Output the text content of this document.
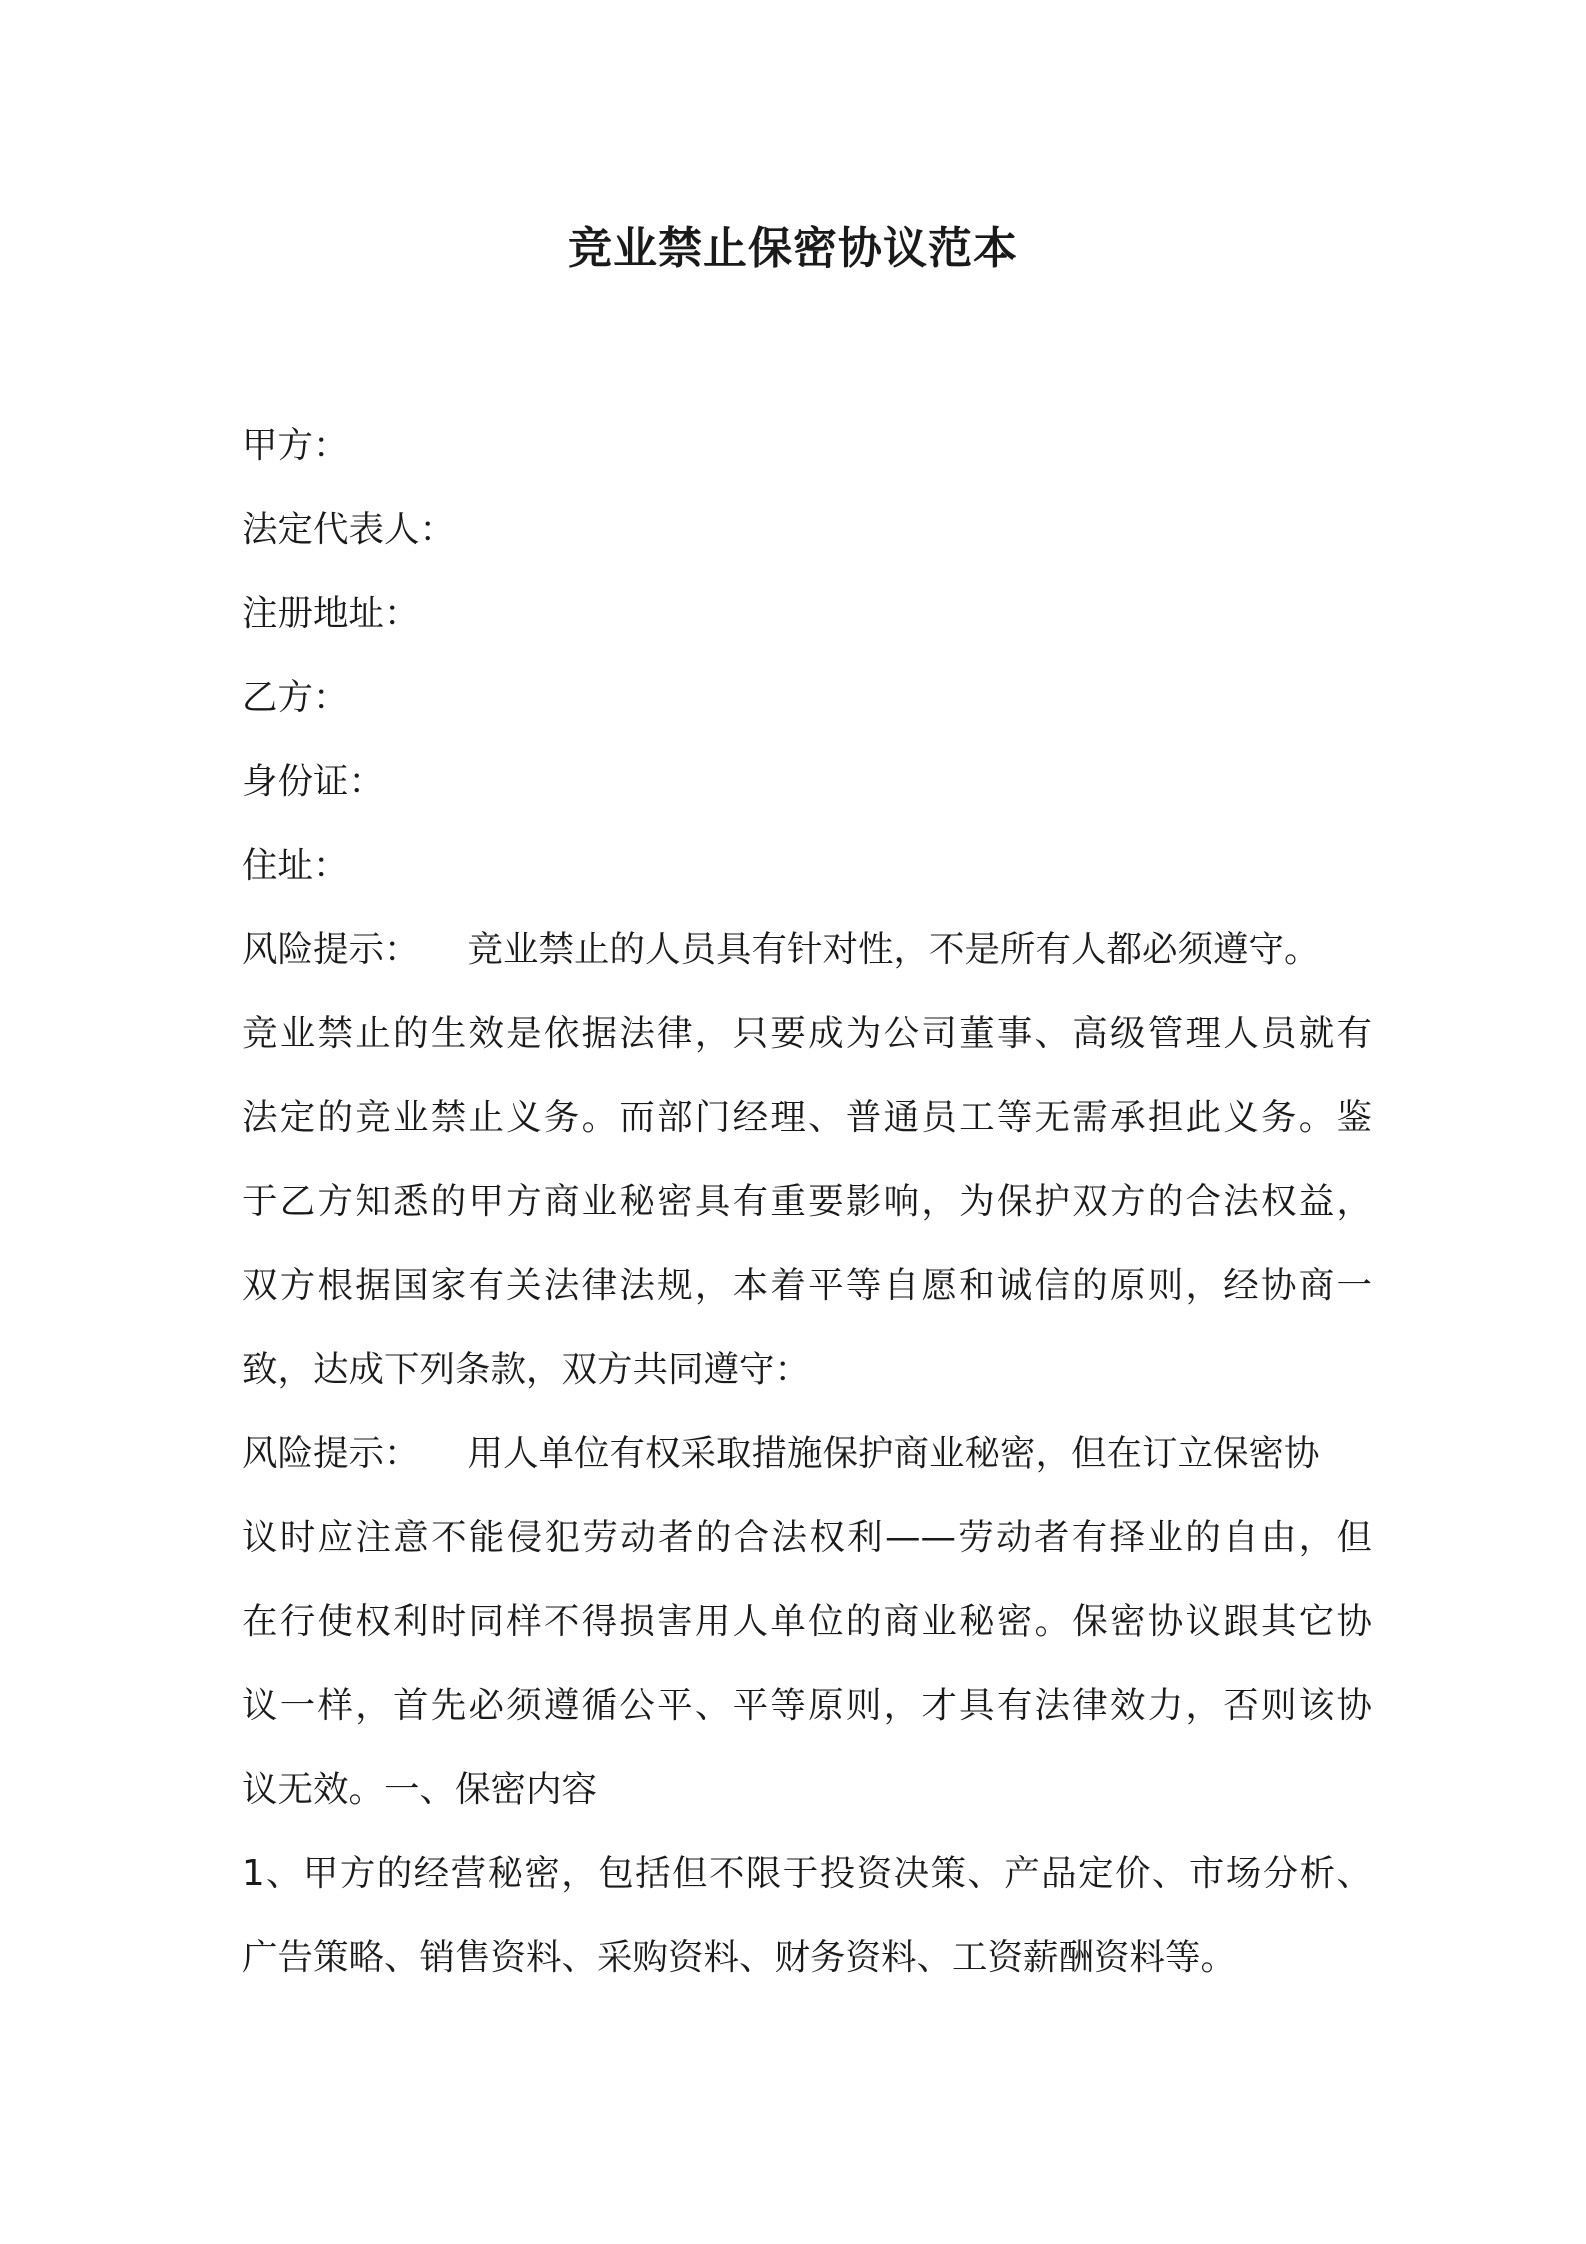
竞业禁止保密协议范本
甲方：
法定代表人：
注册地址：
乙方：
身份证：
住址：
风险提示： 竞业禁止的人员具有针对性，不是所有人都必须遵守。
竞业禁止的生效是依据法律，只要成为公司董事、高级管理人员就有
法定的竞业禁止义务。而部门经理、普通员工等无需承担此义务。鉴
于乙方知悉的甲方商业秘密具有重要影响，为保护双方的合法权益，
双方根据国家有关法律法规，本着平等自愿和诚信的原则，经协商一
致，达成下列条款，双方共同遵守：
风险提示： 用人单位有权采取措施保护商业秘密，但在订立保密协
议时应注意不能侵犯劳动者的合法权利——劳动者有择业的自由，但
在行使权利时同样不得损害用人单位的商业秘密。保密协议跟其它协
议一样，首先必须遵循公平、平等原则，才具有法律效力，否则该协
议无效。一、保密内容
1、甲方的经营秘密，包括但不限于投资决策、产品定价、市场分析、
广告策略、销售资料、采购资料、财务资料、工资薪酬资料等。
